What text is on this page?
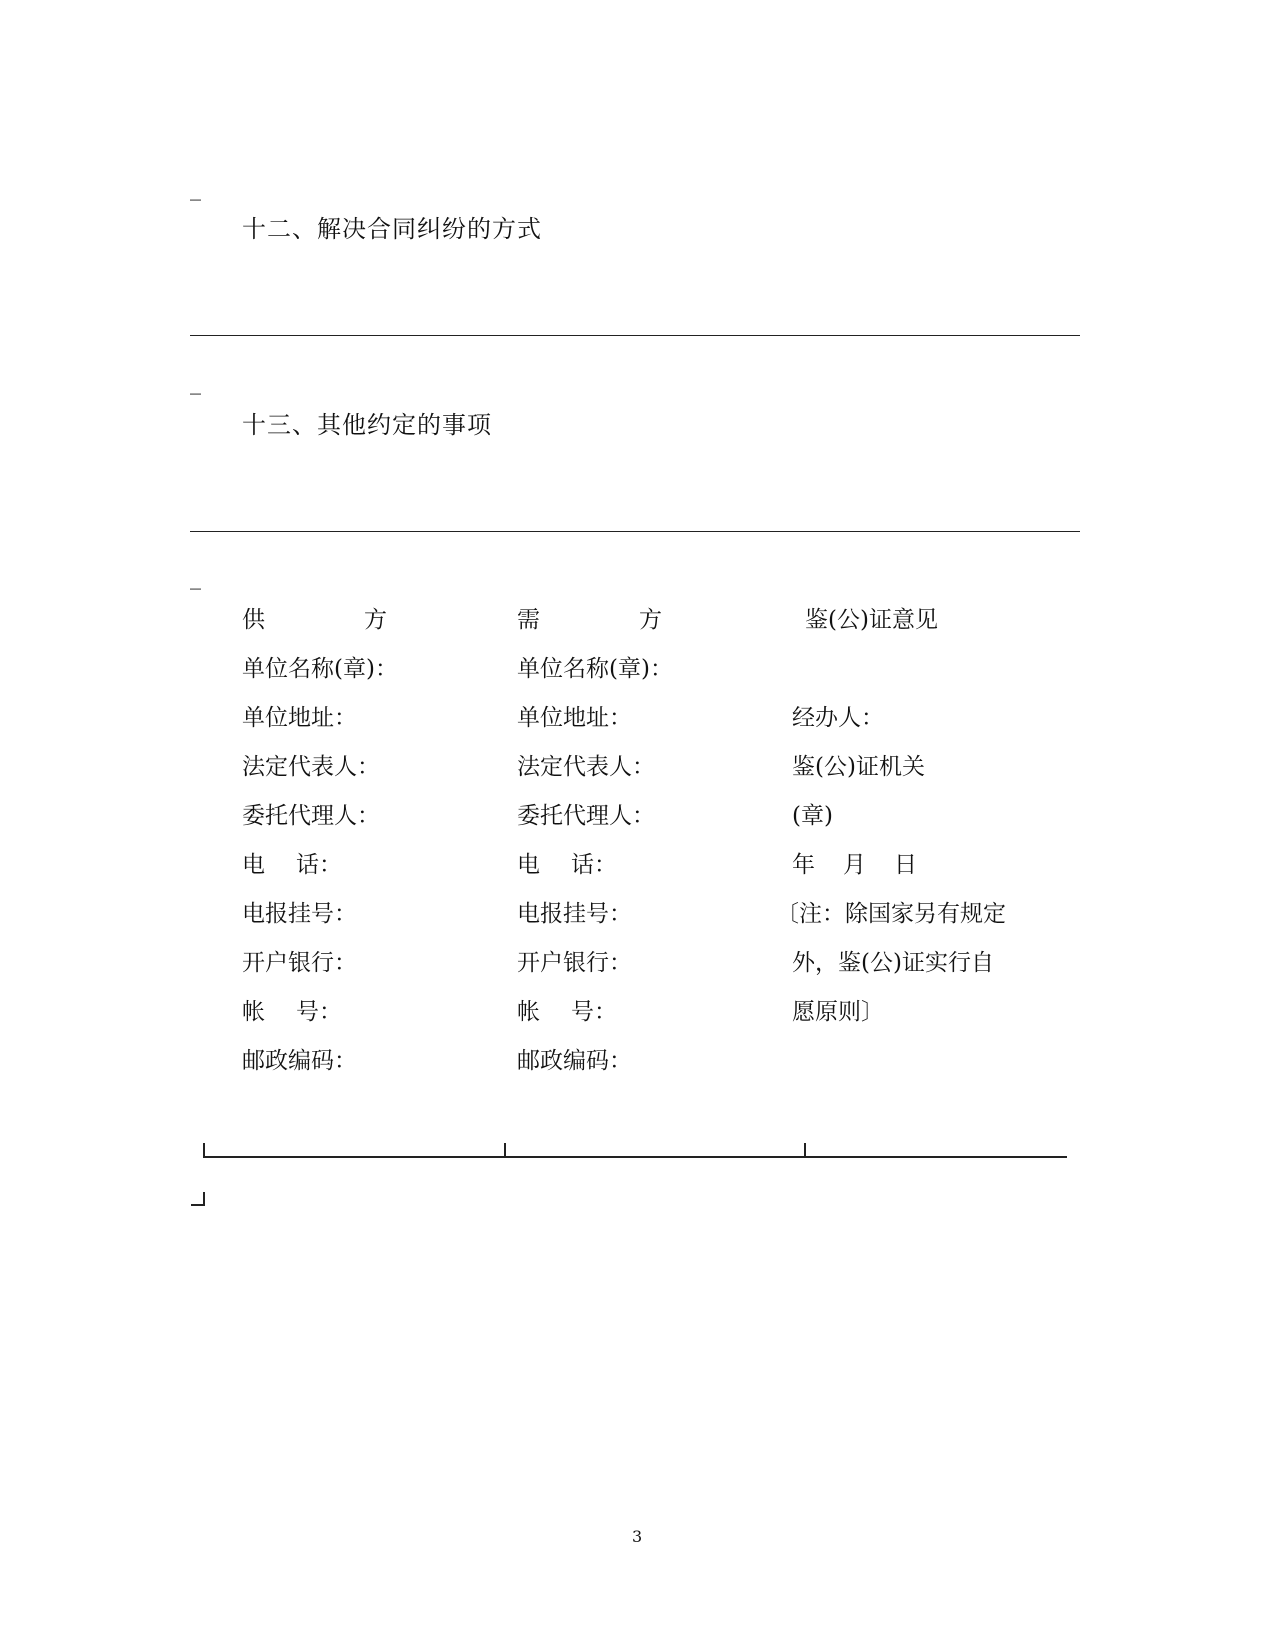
_
十二、解决合同纠纷的方式
_
十三、其他约定的事项
_
供	方
单位名称(章)：
单位地址：
法定代表人：
委托代理人：
电 话：
电报挂号：
开户银行：
帐 号：
邮政编码：
需	方
单位名称(章)：
单位地址：
法定代表人：
委托代理人：
电 话：
电报挂号：
开户银行：
帐 号：
邮政编码：
鉴(公)证意见
经办人：
鉴(公)证机关
(章)
年 月 日
〔注：除国家另有规定
外，鉴(公)证实行自
愿原则〕
3
